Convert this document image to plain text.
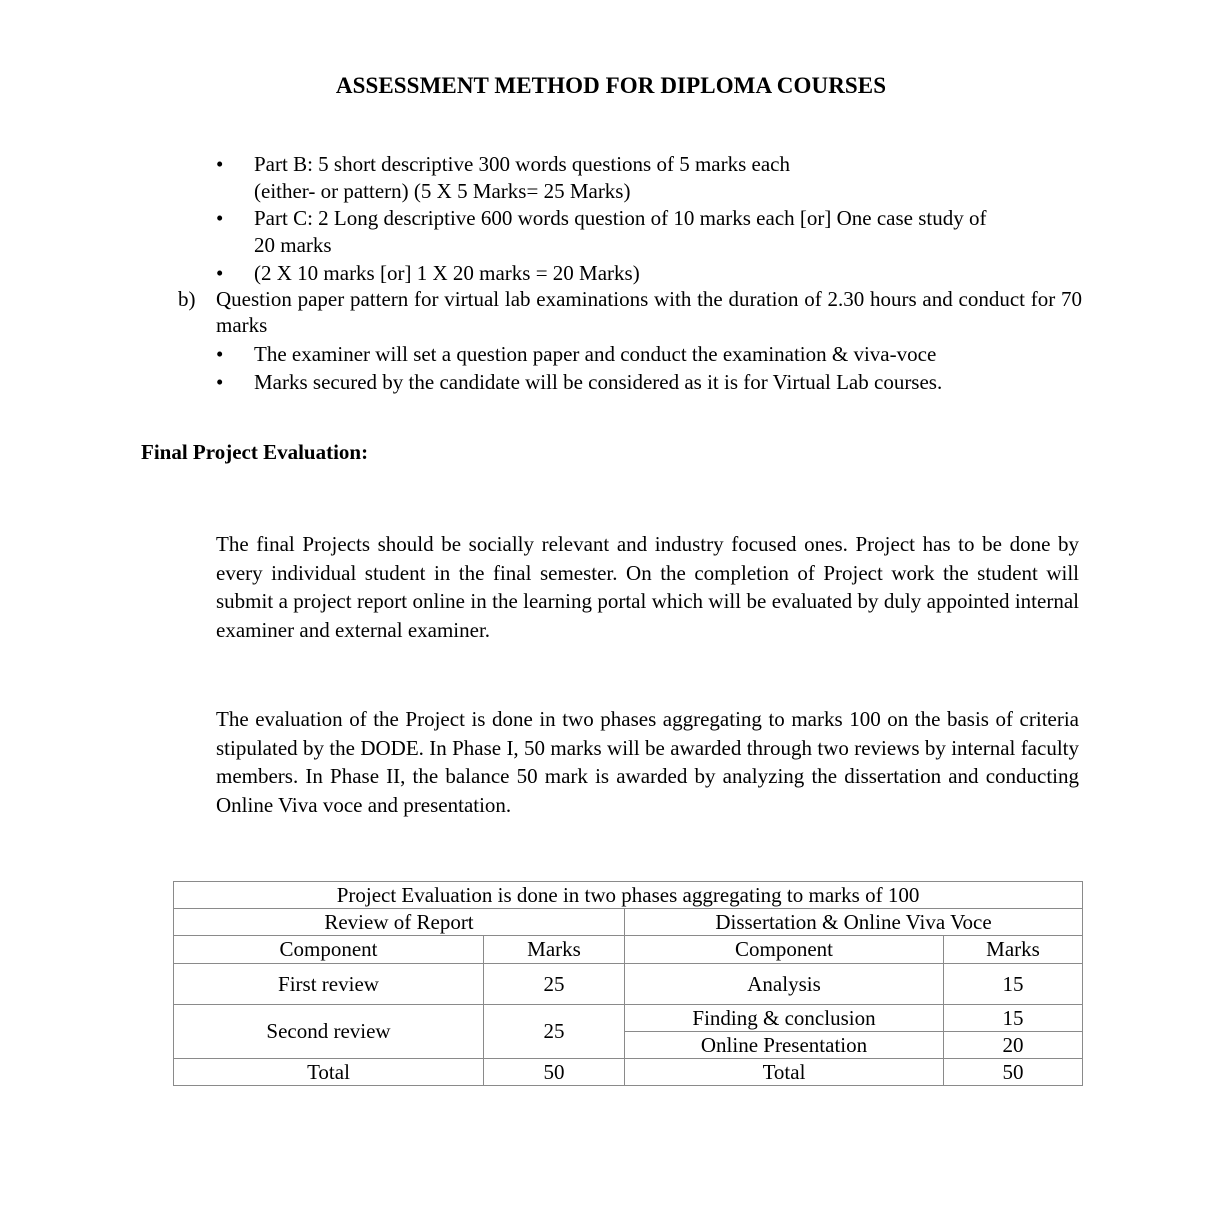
ASSESSMENT METHOD FOR DIPLOMA COURSES
•	Part B: 5 short descriptive 300 words questions of 5 marks each
(either- or pattern) (5 X 5 Marks= 25 Marks)
•	Part C: 2 Long descriptive 600 words question of 10 marks each [or] One case study of
20 marks
•	(2 X 10 marks [or] 1 X 20 marks = 20 Marks)
b) Question paper pattern for virtual lab examinations with the duration of 2.30 hours and conduct for 70 marks
•	The examiner will set a question paper and conduct the examination & viva-voce
•	Marks secured by the candidate will be considered as it is for Virtual Lab courses.
Final Project Evaluation:
The final Projects should be socially relevant and industry focused ones. Project has to be done by every individual student in the final semester. On the completion of Project work the student will submit a project report online in the learning portal which will be evaluated by duly appointed internal examiner and external examiner.
The evaluation of the Project is done in two phases aggregating to marks 100 on the basis of criteria stipulated by the DODE. In Phase I, 50 marks will be awarded through two reviews by internal faculty members. In Phase II, the balance 50 mark is awarded by analyzing the dissertation and conducting Online Viva voce and presentation.
Project Evaluation is done in two phases aggregating to marks of 100			
Review of Report		Dissertation & Online Viva Voce	
Component	Marks	Component	Marks
First review	25	Analysis	15
Second review	25	Finding & conclusion	15
		Online Presentation	20
Total	50	Total	50
